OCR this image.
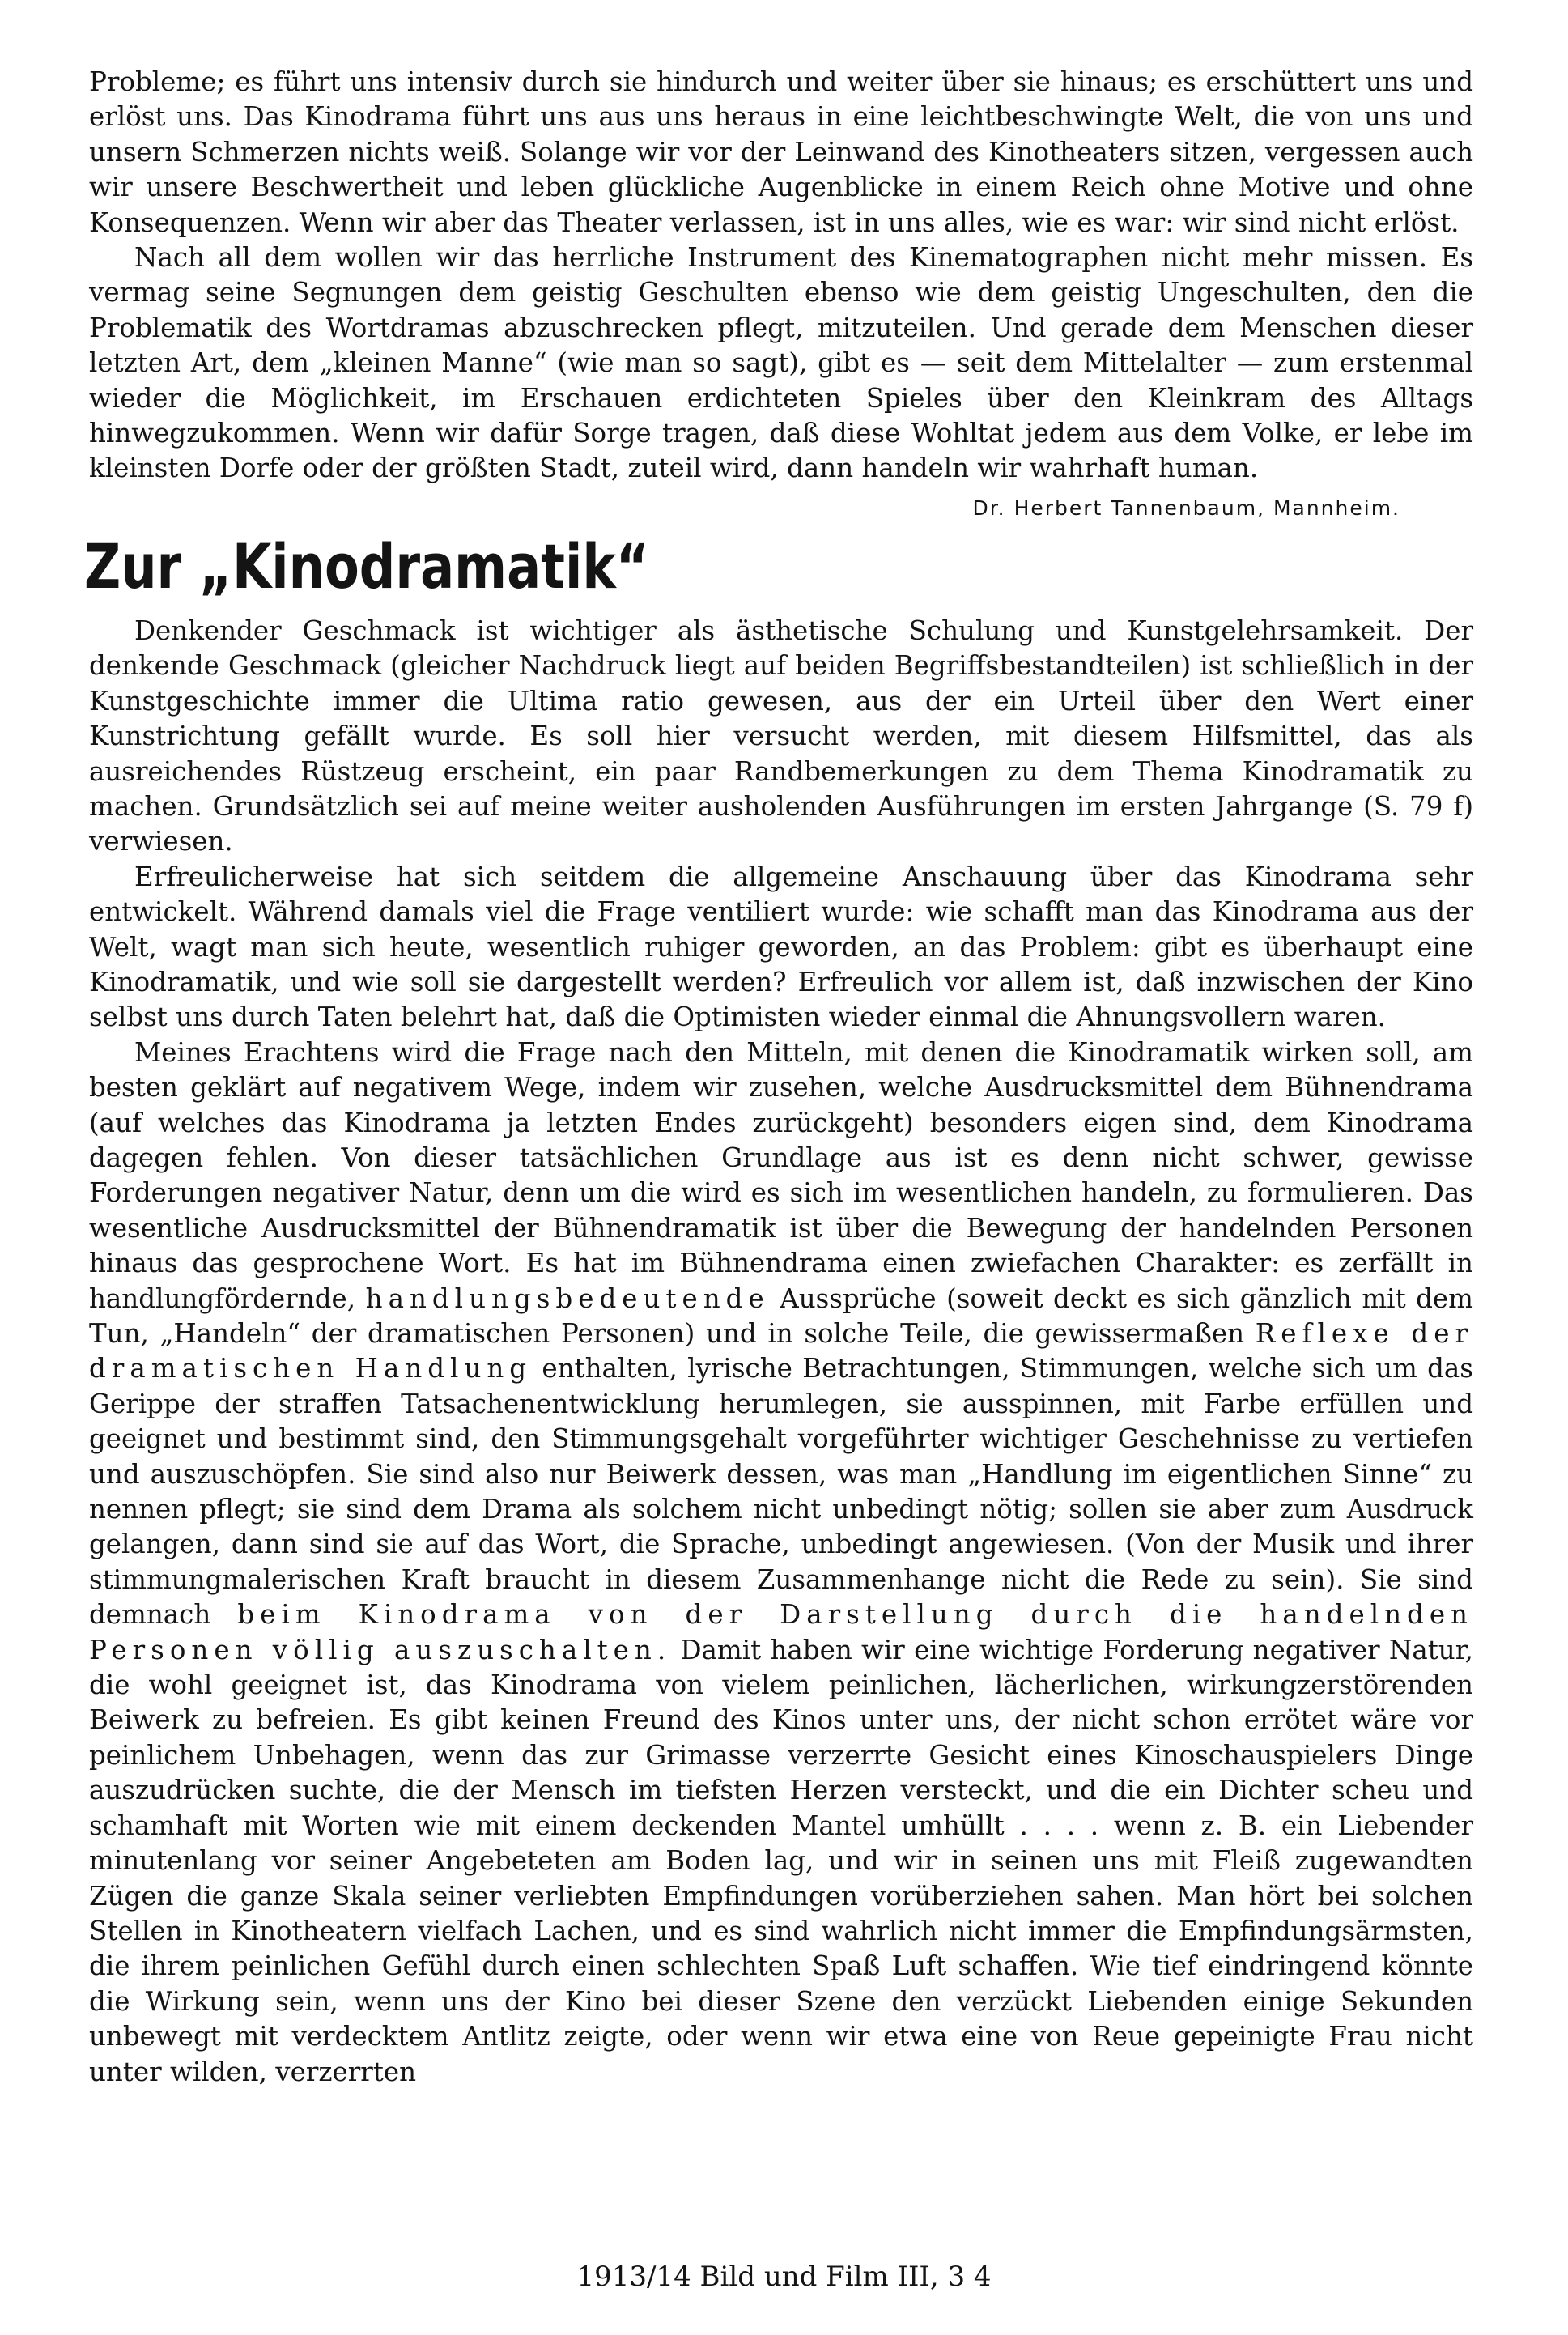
Probleme; es führt uns intensiv durch sie hindurch und weiter über sie hinaus; es erschüttert uns und erlöst uns. Das Kinodrama führt uns aus uns heraus in eine leichtbeschwingte Welt, die von uns und unsern Schmerzen nichts weiß. Solange wir vor der Leinwand des Kinotheaters sitzen, vergessen auch wir unsere Beschwertheit und leben glückliche Augenblicke in einem Reich ohne Motive und ohne Konsequenzen. Wenn wir aber das Theater verlassen, ist in uns alles, wie es war: wir sind nicht erlöst.

Nach all dem wollen wir das herrliche Instrument des Kinematographen nicht mehr missen. Es vermag seine Segnungen dem geistig Geschulten ebenso wie dem geistig Ungeschulten, den die Problematik des Wortdramas abzuschrecken pflegt, mitzuteilen. Und gerade dem Menschen dieser letzten Art, dem „kleinen Manne“ (wie man so sagt), gibt es — seit dem Mittelalter — zum erstenmal wieder die Möglichkeit, im Erschauen erdichteten Spieles über den Kleinkram des Alltags hinwegzukommen. Wenn wir dafür Sorge tragen, daß diese Wohltat jedem aus dem Volke, er lebe im kleinsten Dorfe oder der größten Stadt, zuteil wird, dann handeln wir wahrhaft human.

Dr. Herbert Tannenbaum, Mannheim.
Zur „Kinodramatik“

Denkender Geschmack ist wichtiger als ästhetische Schulung und Kunstgelehrsamkeit. Der denkende Geschmack (gleicher Nachdruck liegt auf beiden Begriffsbestandteilen) ist schließlich in der Kunstgeschichte immer die Ultima ratio gewesen, aus der ein Urteil über den Wert einer Kunstrichtung gefällt wurde. Es soll hier versucht werden, mit diesem Hilfsmittel, das als ausreichendes Rüstzeug erscheint, ein paar Randbemerkungen zu dem Thema Kinodramatik zu machen. Grundsätzlich sei auf meine weiter ausholenden Ausführungen im ersten Jahrgange (S. 79 f) verwiesen.

Erfreulicherweise hat sich seitdem die allgemeine Anschauung über das Kinodrama sehr entwickelt. Während damals viel die Frage ventiliert wurde: wie schafft man das Kinodrama aus der Welt, wagt man sich heute, wesentlich ruhiger geworden, an das Problem: gibt es überhaupt eine Kinodramatik, und wie soll sie dargestellt werden? Erfreulich vor allem ist, daß inzwischen der Kino selbst uns durch Taten belehrt hat, daß die Optimisten wieder einmal die Ahnungsvollern waren.

Meines Erachtens wird die Frage nach den Mitteln, mit denen die Kinodramatik wirken soll, am besten geklärt auf negativem Wege, indem wir zusehen, welche Ausdrucksmittel dem Bühnendrama (auf welches das Kinodrama ja letzten Endes zurückgeht) besonders eigen sind, dem Kinodrama dagegen fehlen. Von dieser tatsächlichen Grundlage aus ist es denn nicht schwer, gewisse Forderungen negativer Natur, denn um die wird es sich im wesentlichen handeln, zu formulieren. Das wesentliche Ausdrucksmittel der Bühnendramatik ist über die Bewegung der handelnden Personen hinaus das gesprochene Wort. Es hat im Bühnendrama einen zwiefachen Charakter: es zerfällt in handlungfördernde, handlungsbedeutende Aussprüche (soweit deckt es sich gänzlich mit dem Tun, „Handeln“ der dramatischen Personen) und in solche Teile, die gewissermaßen Reflexe der dramatischen Handlung enthalten, lyrische Betrachtungen, Stimmungen, welche sich um das Gerippe der straffen Tatsachenentwicklung herumlegen, sie ausspinnen, mit Farbe erfüllen und geeignet und bestimmt sind, den Stimmungsgehalt vorgeführter wichtiger Geschehnisse zu vertiefen und auszuschöpfen. Sie sind also nur Beiwerk dessen, was man „Handlung im eigentlichen Sinne“ zu nennen pflegt; sie sind dem Drama als solchem nicht unbedingt nötig; sollen sie aber zum Ausdruck gelangen, dann sind sie auf das Wort, die Sprache, unbedingt angewiesen. (Von der Musik und ihrer stimmungmalerischen Kraft braucht in diesem Zusammenhange nicht die Rede zu sein). Sie sind demnach beim Kinodrama von der Darstellung durch die handelnden Personen völlig auszuschalten. Damit haben wir eine wichtige Forderung negativer Natur, die wohl geeignet ist, das Kinodrama von vielem peinlichen, lächerlichen, wirkungzerstörenden Beiwerk zu befreien. Es gibt keinen Freund des Kinos unter uns, der nicht schon errötet wäre vor peinlichem Unbehagen, wenn das zur Grimasse verzerrte Gesicht eines Kinoschauspielers Dinge auszudrücken suchte, die der Mensch im tiefsten Herzen versteckt, und die ein Dichter scheu und schamhaft mit Worten wie mit einem deckenden Mantel umhüllt . . . . wenn z. B. ein Liebender minutenlang vor seiner Angebeteten am Boden lag, und wir in seinen uns mit Fleiß zugewandten Zügen die ganze Skala seiner verliebten Empfindungen vorüberziehen sahen. Man hört bei solchen Stellen in Kinotheatern vielfach Lachen, und es sind wahrlich nicht immer die Empfindungsärmsten, die ihrem peinlichen Gefühl durch einen schlechten Spaß Luft schaffen. Wie tief eindringend könnte die Wirkung sein, wenn uns der Kino bei dieser Szene den verzückt Liebenden einige Sekunden unbewegt mit verdecktem Antlitz zeigte, oder wenn wir etwa eine von Reue gepeinigte Frau nicht unter wilden, verzerrten

1913/14 Bild und Film III, 3 4
